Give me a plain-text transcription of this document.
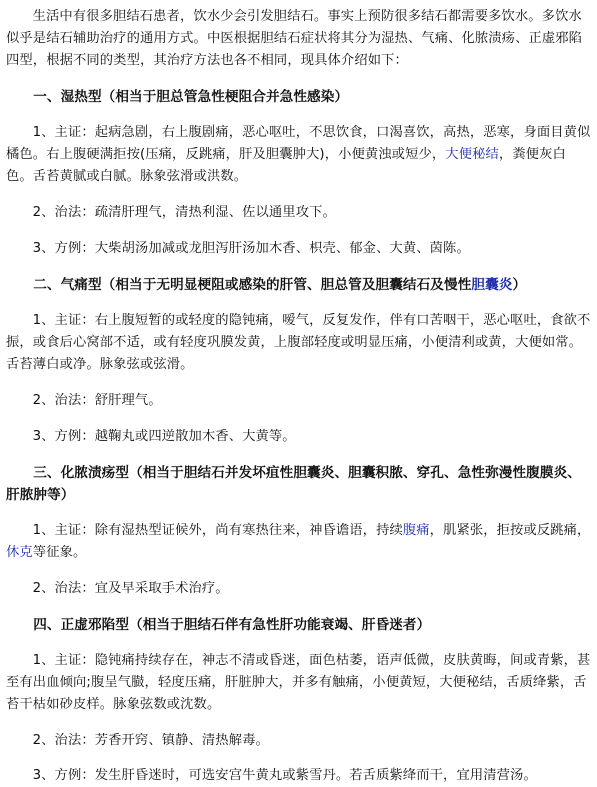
生活中有很多胆结石患者，饮水少会引发胆结石。事实上预防很多结石都需要多饮水。多饮水似乎是结石辅助治疗的通用方式。中医根据胆结石症状将其分为湿热、气痛、化脓渍疡、正虚邪陷四型，根据不同的类型，其治疗方法也各不相同，现具体介绍如下：

一、湿热型（相当于胆总管急性梗阻合并急性感染）

1、主证：起病急剧，右上腹剧痛，恶心呕吐，不思饮食，口渴喜饮，高热，恶寒，身面目黄似橘色。右上腹硬满拒按(压痛，反跳痛，肝及胆囊肿大)，小便黄浊或短少，大便秘结，粪便灰白色。舌苔黄腻或白腻。脉象弦滑或洪数。

2、治法：疏清肝理气，清热利湿、佐以通里攻下。

3、方例：大柴胡汤加减或龙胆泻肝汤加木香、枳壳、郁金、大黄、茵陈。

二、气痛型（相当于无明显梗阻或感染的肝管、胆总管及胆囊结石及慢性胆囊炎）

1、主证：右上腹短暂的或轻度的隐钝痛，嗳气，反复发作，伴有口苦咽干，恶心呕吐，食欲不振，或食后心窝部不适，或有轻度巩膜发黄，上腹部轻度或明显压痛，小便清利或黄，大便如常。舌苔薄白或净。脉象弦或弦滑。

2、治法：舒肝理气。

3、方例：越鞠丸或四逆散加木香、大黄等。

三、化脓渍疡型（相当于胆结石并发坏疽性胆囊炎、胆囊积脓、穿孔、急性弥漫性腹膜炎、肝脓肿等）

1、主证：除有湿热型证候外，尚有寒热往来，神昏谵语，持续腹痛，肌紧张，拒按或反跳痛，休克等征象。

2、治法：宜及早采取手术治疗。

四、正虚邪陷型（相当于胆结石伴有急性肝功能衰竭、肝昏迷者）

1、主证：隐钝痛持续存在，神志不清或昏迷，面色枯萎，语声低微，皮肤黄晦，间或青紫，甚至有出血倾向;腹呈气臌，轻度压痛，肝脏肿大，并多有触痛，小便黄短，大便秘结，舌质绛紫，舌苔干枯如砂皮样。脉象弦数或沈数。

2、治法：芳香开窍、镇静、清热解毒。

3、方例：发生肝昏迷时，可选安宫牛黄丸或紫雪丹。若舌质紫绛而干，宜用清营汤。
